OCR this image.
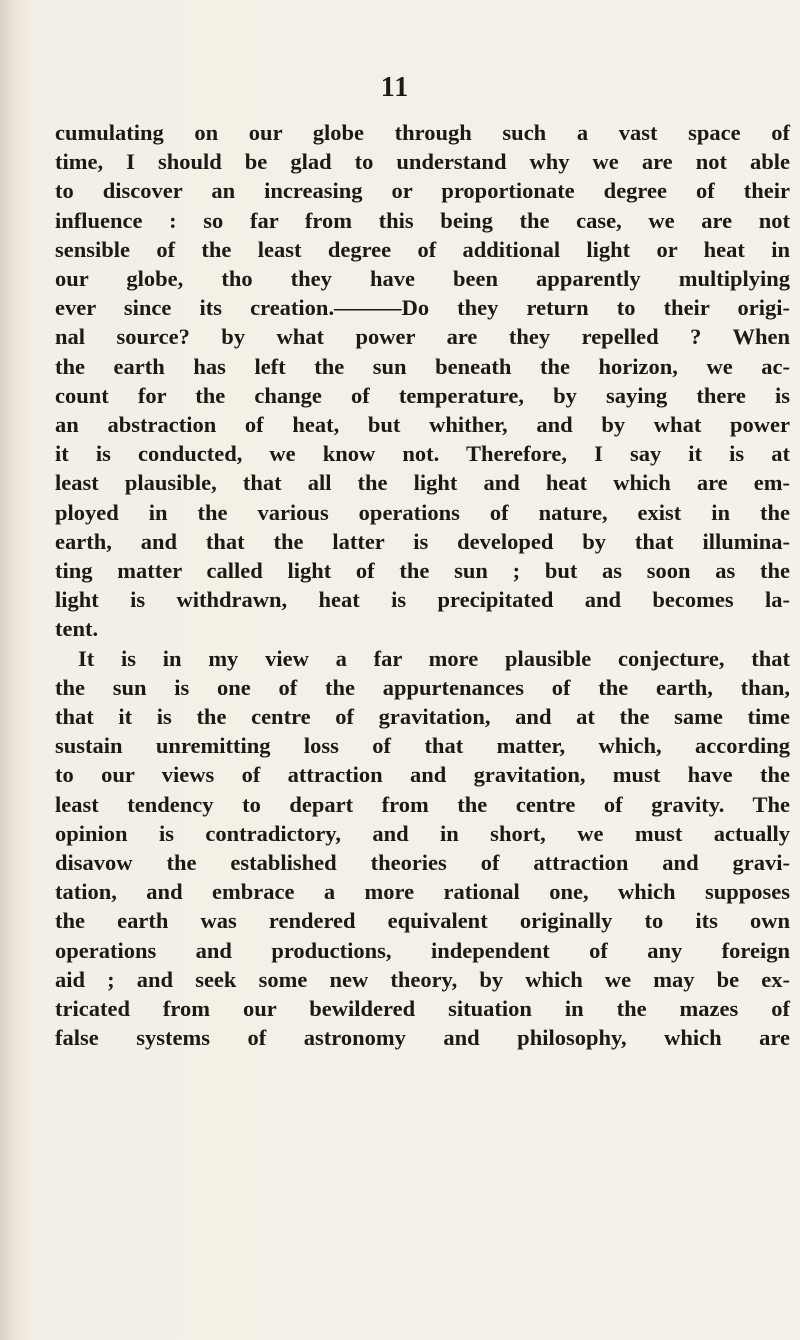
11
cumulating on our globe through such a vast space of
time, I should be glad to understand why we are not able
to discover an increasing or proportionate degree of their
influence : so far from this being the case, we are not
sensible of the least degree of additional light or heat in
our globe, tho they have been apparently multiplying
ever since its creation.———Do they return to their origi-
nal source? by what power are they repelled ? When
the earth has left the sun beneath the horizon, we ac-
count for the change of temperature, by saying there is
an abstraction of heat, but whither, and by what power
it is conducted, we know not. Therefore, I say it is at
least plausible, that all the light and heat which are em-
ployed in the various operations of nature, exist in the
earth, and that the latter is developed by that illumina-
ting matter called light of the sun ; but as soon as the
light is withdrawn, heat is precipitated and becomes la-
tent.
It is in my view a far more plausible conjecture, that
the sun is one of the appurtenances of the earth, than,
that it is the centre of gravitation, and at the same time
sustain unremitting loss of that matter, which, according
to our views of attraction and gravitation, must have the
least tendency to depart from the centre of gravity. The
opinion is contradictory, and in short, we must actually
disavow the established theories of attraction and gravi-
tation, and embrace a more rational one, which supposes
the earth was rendered equivalent originally to its own
operations and productions, independent of any foreign
aid ; and seek some new theory, by which we may be ex-
tricated from our bewildered situation in the mazes of
false systems of astronomy and philosophy, which are
